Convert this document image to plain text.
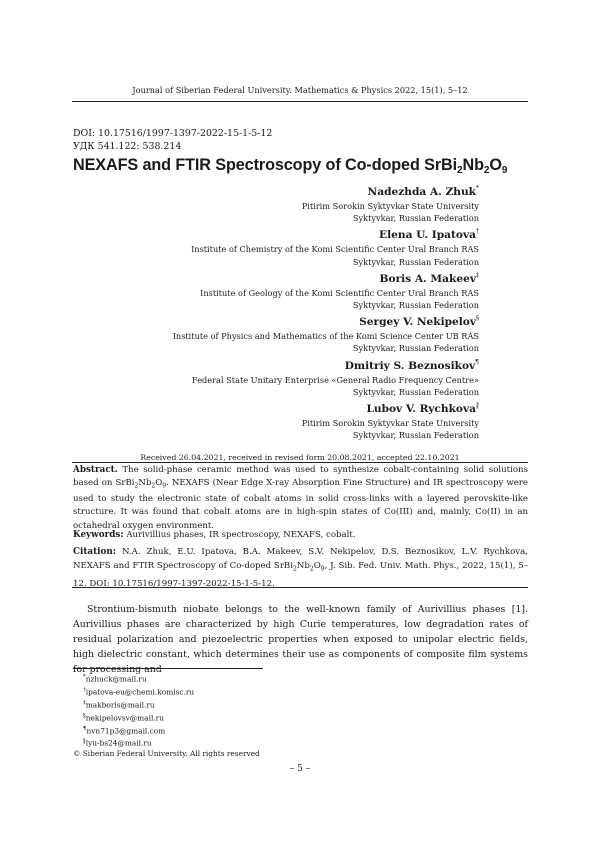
Journal of Siberian Federal University. Mathematics & Physics 2022, 15(1), 5–12
DOI: 10.17516/1997-1397-2022-15-1-5-12
УДК 541.122: 538.214
NEXAFS and FTIR Spectroscopy of Co-doped $SrBi_2Nb_2O_9$
Nadezhda A. Zhuk*
Pitirim Sorokin Syktyvkar State University
Syktyvkar, Russian Federation
Elena U. Ipatova†
Institute of Chemistry of the Komi Scientific Center Ural Branch RAS
Syktyvkar, Russian Federation
Boris A. Makeev‡
Institute of Geology of the Komi Scientific Center Ural Branch RAS
Syktyvkar, Russian Federation
Sergey V. Nekipelov§
Institute of Physics and Mathematics of the Komi Science Center UB RAS
Syktyvkar, Russian Federation
Dmitriy S. Beznosikov¶
Federal State Unitary Enterprise «General Radio Frequency Centre»
Syktyvkar, Russian Federation
Lubov V. Rychkova‖
Pitirim Sorokin Syktyvkar State University
Syktyvkar, Russian Federation
Received 26.04.2021, received in revised form 20.08.2021, accepted 22.10.2021
Abstract. The solid-phase ceramic method was used to synthesize cobalt-containing solid solutions based on $SrBi_2Nb_2O_9$. NEXAFS (Near Edge X-ray Absorption Fine Structure) and IR spectroscopy were used to study the electronic state of cobalt atoms in solid cross-links with a layered perovskite-like structure. It was found that cobalt atoms are in high-spin states of Co(III) and, mainly, Co(II) in an octahedral oxygen environment.
Keywords: Aurivillius phases, IR spectroscopy, NEXAFS, cobalt.
Citation: N.A. Zhuk, E.U. Ipatova, B.A. Makeev, S.V. Nekipelov, D.S. Beznosikov, L.V. Rychkova, NEXAFS and FTIR Spectroscopy of Co-doped $SrBi_2Nb_2O_9$, J. Sib. Fed. Univ. Math. Phys., 2022, 15(1), 5–12. DOI: 10.17516/1997-1397-2022-15-1-5-12.
Strontium-bismuth niobate belongs to the well-known family of Aurivillius phases [1]. Aurivillius phases are characterized by high Curie temperatures, low degradation rates of residual polarization and piezoelectric properties when exposed to unipolar electric fields, high dielectric constant, which determines their use as components of composite film systems for processing and
*nzhuck@mail.ru
†ipatova-eu@chemi.komisc.ru
‡makboris@mail.ru
§nekipelovsv@mail.ru
¶nvn71p3@gmail.com
‖lyu-bs24@mail.ru
© Siberian Federal University. All rights reserved
– 5 –
